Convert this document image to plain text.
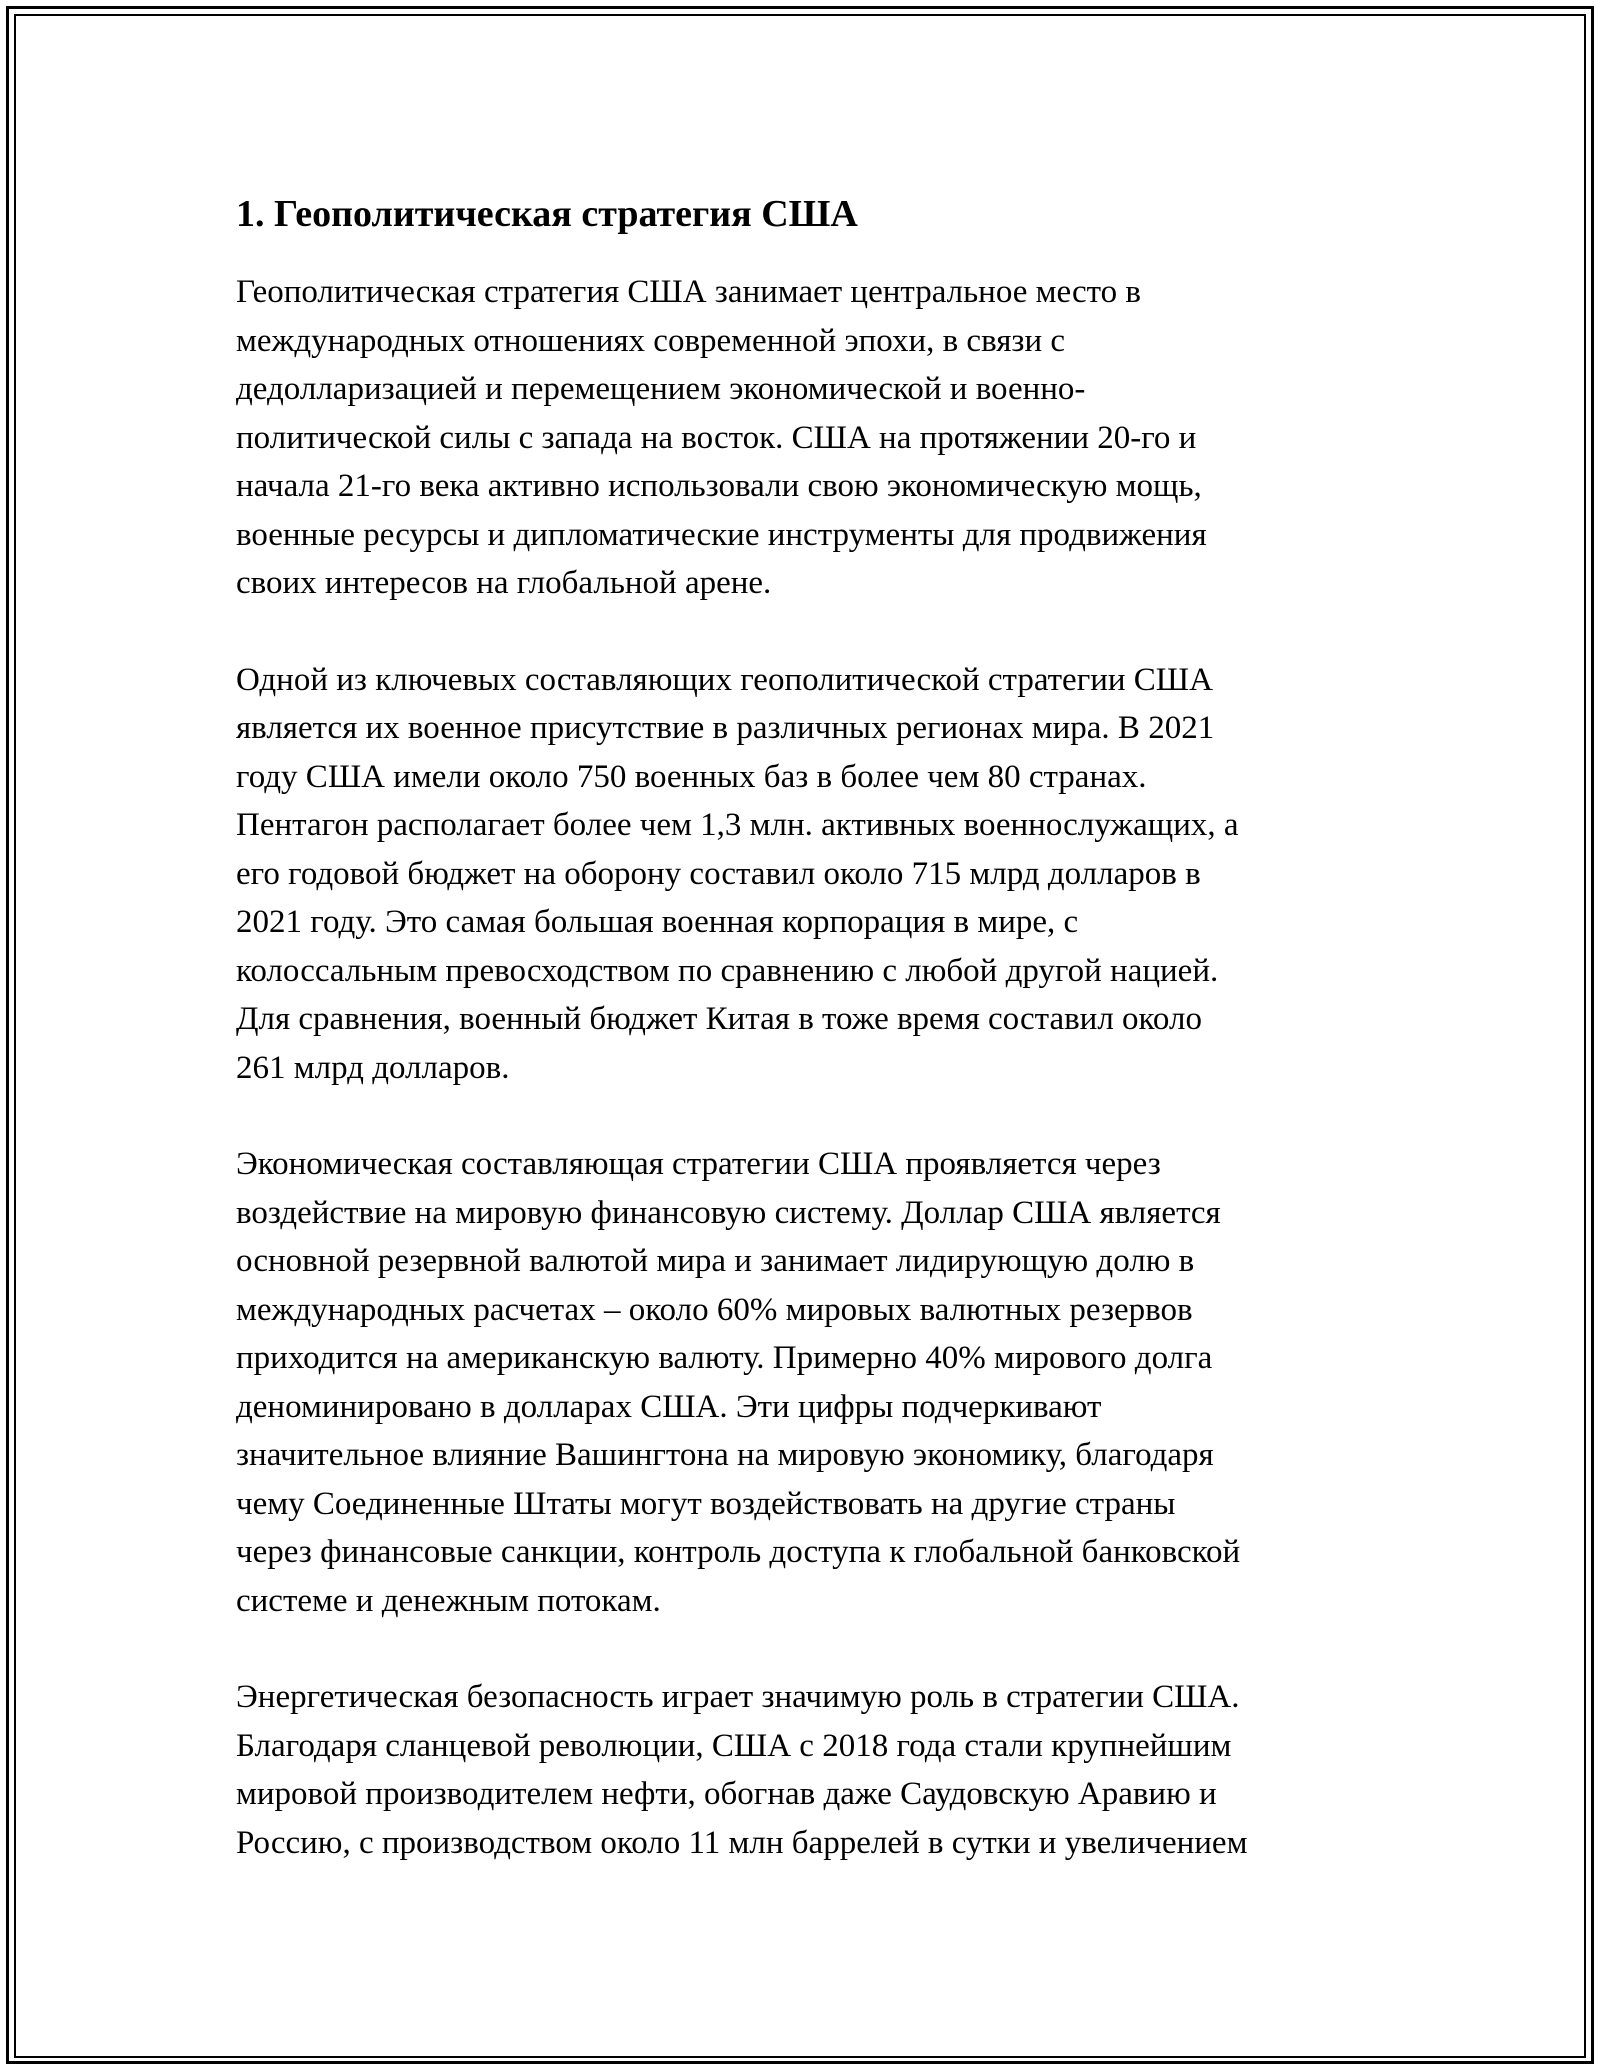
1. Геополитическая стратегия США
Геополитическая стратегия США занимает центральное место в
международных отношениях современной эпохи, в связи с
дедолларизацией и перемещением экономической и военно-
политической силы с запада на восток. США на протяжении 20-го и
начала 21-го века активно использовали свою экономическую мощь,
военные ресурсы и дипломатические инструменты для продвижения
своих интересов на глобальной арене.
Одной из ключевых составляющих геополитической стратегии США
является их военное присутствие в различных регионах мира. В 2021
году США имели около 750 военных баз в более чем 80 странах.
Пентагон располагает более чем 1,3 млн. активных военнослужащих, а
его годовой бюджет на оборону составил около 715 млрд долларов в
2021 году. Это самая большая военная корпорация в мире, с
колоссальным превосходством по сравнению с любой другой нацией.
Для сравнения, военный бюджет Китая в тоже время составил около
261 млрд долларов.
Экономическая составляющая стратегии США проявляется через
воздействие на мировую финансовую систему. Доллар США является
основной резервной валютой мира и занимает лидирующую долю в
международных расчетах – около 60% мировых валютных резервов
приходится на американскую валюту. Примерно 40% мирового долга
деноминировано в долларах США. Эти цифры подчеркивают
значительное влияние Вашингтона на мировую экономику, благодаря
чему Соединенные Штаты могут воздействовать на другие страны
через финансовые санкции, контроль доступа к глобальной банковской
системе и денежным потокам.
Энергетическая безопасность играет значимую роль в стратегии США.
Благодаря сланцевой революции, США с 2018 года стали крупнейшим
мировой производителем нефти, обогнав даже Саудовскую Аравию и
Россию, с производством около 11 млн баррелей в сутки и увеличением
